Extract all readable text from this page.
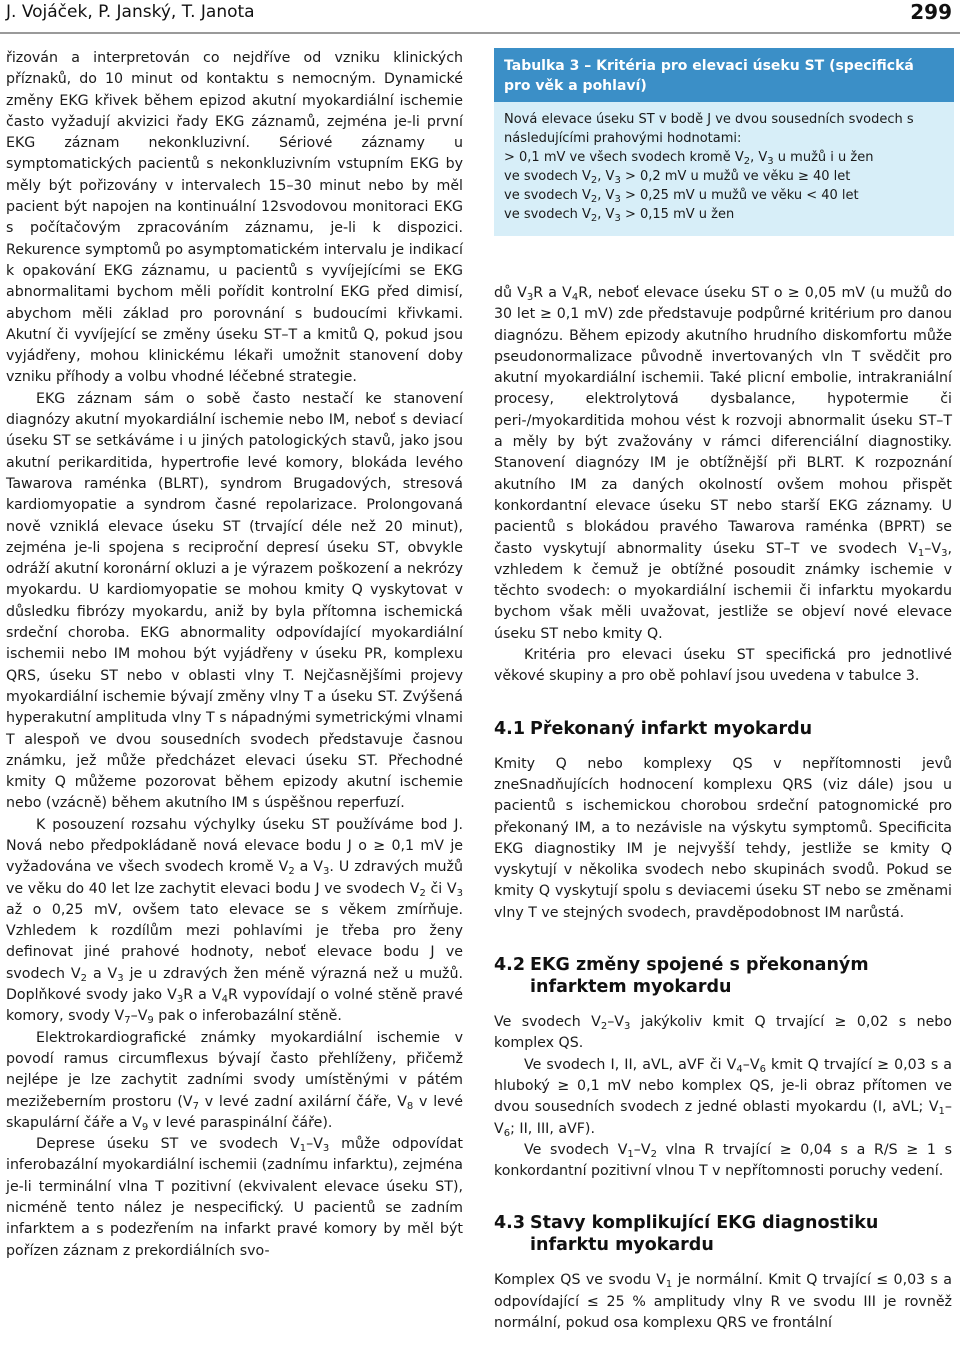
J. Vojáček, P. Janský, T. Janota	299

řizován a interpretován co nejdříve od vzniku klinických příznaků, do 10 minut od kontaktu s nemocným. Dynamické změny EKG křivek během epizod akutní myokardiální ischemie často vyžadují akvizici řady EKG záznamů, zejména je-li první EKG záznam nekonkluzivní. Sériové záznamy u symptomatických pacientů s nekonkluzivním vstupním EKG by měly být pořizovány v intervalech 15–30 minut nebo by měl pacient být napojen na kontinuální 12svodovou monitoraci EKG s počítačovým zpracováním záznamu, je-li k dispozici. Rekurence symptomů po asymptomatickém intervalu je indikací k opakování EKG záznamu, u pacientů s vyvíjejícími se EKG abnormalitami bychom měli pořídit kontrolní EKG před dimisí, abychom měli základ pro porovnání s budoucími křivkami. Akutní či vyvíjející se změny úseku ST–T a kmitů Q, pokud jsou vyjádřeny, mohou klinickému lékaři umožnit stanovení doby vzniku příhody a volbu vhodné léčebné strategie.

EKG záznam sám o sobě často nestačí ke stanovení diagnózy akutní myokardiální ischemie nebo IM, neboť s deviací úseku ST se setkáváme i u jiných patologických stavů, jako jsou akutní perikarditida, hypertrofie levé komory, blokáda levého Tawarova raménka (BLRT), syndrom Brugadových, stresová kardiomyopatie a syndrom časné repolarizace. Prolongovaná nově vzniklá elevace úseku ST (trvající déle než 20 minut), zejména je-li spojena s reciproční depresí úseku ST, obvykle odráží akutní koronární okluzi a je výrazem poškození a nekrózy myokardu. U kardiomyopatie se mohou kmity Q vyskytovat v důsledku fibrózy myokardu, aniž by byla přítomna ischemická srdeční choroba. EKG abnormality odpovídající myokardiální ischemii nebo IM mohou být vyjádřeny v úseku PR, komplexu QRS, úseku ST nebo v oblasti vlny T. Nejčasnějšími projevy myokardiální ischemie bývají změny vlny T a úseku ST. Zvýšená hyperakutní amplituda vlny T s nápadnými symetrickými vlnami T alespoň ve dvou sousedních svodech představuje časnou známku, jež může předcházet elevaci úseku ST. Přechodné kmity Q můžeme pozorovat během epizody akutní ischemie nebo (vzácně) během akutního IM s úspěšnou reperfuzí.

K posouzení rozsahu výchylky úseku ST používáme bod J. Nová nebo předpokládaně nová elevace bodu J o ≥ 0,1 mV je vyžadována ve všech svodech kromě $V_2$ a $V_3$. U zdravých mužů ve věku do 40 let lze zachytit elevaci bodu J ve svodech $V_2$ či $V_3$ až o 0,25 mV, ovšem tato elevace se s věkem zmírňuje. Vzhledem k rozdílům mezi pohlavími je třeba pro ženy definovat jiné prahové hodnoty, neboť elevace bodu J ve svodech $V_2$ a $V_3$ je u zdravých žen méně výrazná než u mužů. Doplňkové svody jako $V_3R$ a $V_4R$ vypovídají o volné stěně pravé komory, svody $V_7-V_9$ pak o inferobazální stěně.

Elektrokardiografické známky myokardiální ischemie v povodí ramus circumflexus bývají často přehlíženy, přičemž nejlépe je lze zachytit zadními svody umístěnými v pátém mezižeberním prostoru ($V_7$ v levé zadní axilární čáře, $V_8$ v levé skapulární čáře a $V_9$ v levé paraspinální čáře).

Deprese úseku ST ve svodech $V_1-V_3$ může odpovídat inferobazální myokardiální ischemii (zadnímu infarktu), zejména je-li terminální vlna T pozitivní (ekvivalent elevace úseku ST), nicméně tento nález je nespecifický. U pacientů se zadním infarktem a s podezřením na infarkt pravé komory by měl být pořízen záznam z prekordiálních svo-

Tabulka 3 – Kritéria pro elevaci úseku ST (specifická pro věk a pohlaví)
Nová elevace úseku ST v bodě J ve dvou sousedních svodech s následujícími prahovými hodnotami:
> 0,1 mV ve všech svodech kromě $V_2$, $V_3$ u mužů i u žen
ve svodech $V_2$, $V_3 > 0,2$ mV u mužů ve věku ≥ 40 let
ve svodech $V_2$, $V_3 > 0,25$ mV u mužů ve věku < 40 let
ve svodech $V_2$, $V_3 > 0,15$ mV u žen

dů $V_3R$ a $V_4R$, neboť elevace úseku ST o ≥ 0,05 mV (u mužů do 30 let ≥ 0,1 mV) zde představuje podpůrné kritérium pro danou diagnózu. Během epizody akutního hrudního diskomfortu může pseudonormalizace původně invertovaných vln T svědčit pro akutní myokardiální ischemii. Také plicní embolie, intrakraniální procesy, elektrolytová dysbalance, hypotermie či peri-/myokarditida mohou vést k rozvoji abnormalit úseku ST–T a měly by být zvažovány v rámci diferenciální diagnostiky. Stanovení diagnózy IM je obtížnější při BLRT. K rozpoznání akutního IM za daných okolností ovšem mohou přispět konkordantní elevace úseku ST nebo starší EKG záznamy. U pacientů s blokádou pravého Tawarova raménka (BPRT) se často vyskytují abnormality úseku ST–T ve svodech $V_1-V_3$, vzhledem k čemuž je obtížné posoudit známky ischemie v těchto svodech: o myokardiální ischemii či infarktu myokardu bychom však měli uvažovat, jestliže se objeví nové elevace úseku ST nebo kmity Q.

Kritéria pro elevaci úseku ST specifická pro jednotlivé věkové skupiny a pro obě pohlaví jsou uvedena v tabulce 3.

4.1 Překonaný infarkt myokardu

Kmity Q nebo komplexy QS v nepřítomnosti jevů zneSnadňujících hodnocení komplexu QRS (viz dále) jsou u pacientů s ischemickou chorobou srdeční patognomické pro překonaný IM, a to nezávisle na výskytu symptomů. Specificita EKG diagnostiky IM je nejvyšší tehdy, jestliže se kmity Q vyskytují v několika svodech nebo skupinách svodů. Pokud se kmity Q vyskytují spolu s deviacemi úseku ST nebo se změnami vlny T ve stejných svodech, pravděpodobnost IM narůstá.

4.2 EKG změny spojené s překonaným infarktem myokardu

Ve svodech $V_2-V_3$ jakýkoliv kmit Q trvající ≥ 0,02 s nebo komplex QS.

Ve svodech I, II, aVL, aVF či $V_4-V_6$ kmit Q trvající ≥ 0,03 s a hluboký ≥ 0,1 mV nebo komplex QS, je-li obraz přítomen ve dvou sousedních svodech z jedné oblasti myokardu (I, aVL; $V_1-V_6$; II, III, aVF).

Ve svodech $V_1-V_2$ vlna R trvající ≥ 0,04 s a R/S ≥ 1 s konkordantní pozitivní vlnou T v nepřítomnosti poruchy vedení.

4.3 Stavy komplikující EKG diagnostiku infarktu myokardu

Komplex QS ve svodu $V_1$ je normální. Kmit Q trvající ≤ 0,03 s a odpovídající ≤ 25 % amplitudy vlny R ve svodu III je rovněž normální, pokud osa komplexu QRS ve frontální
